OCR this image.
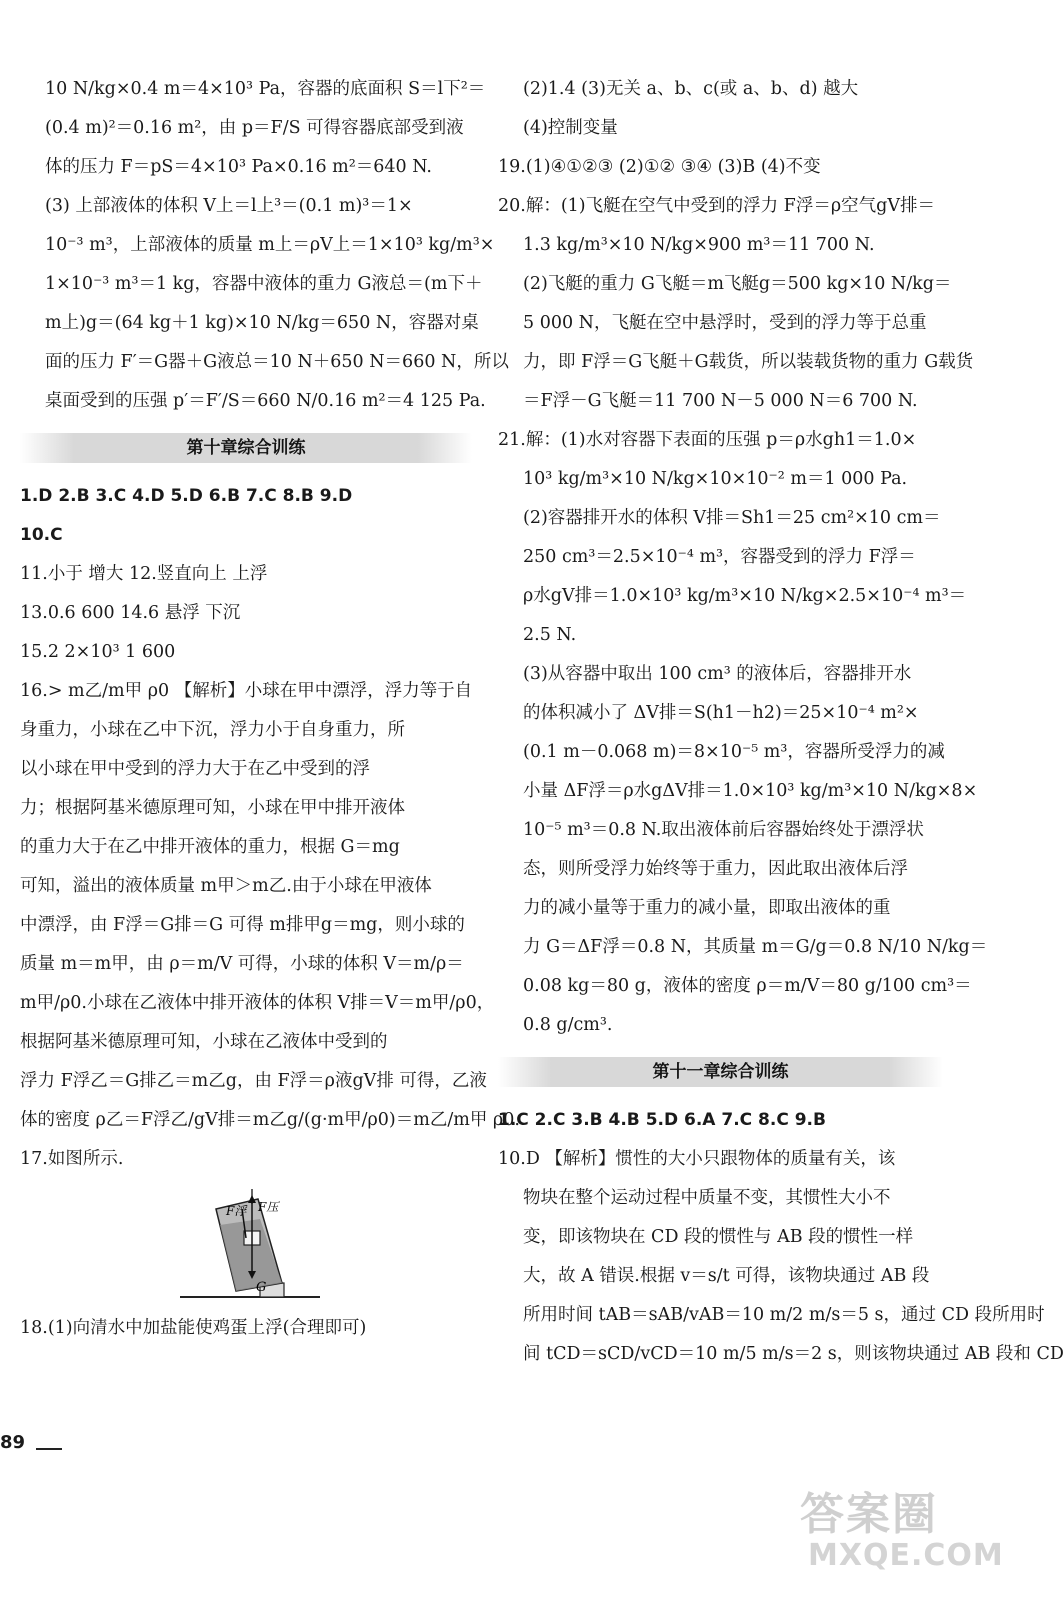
10 N/kg×0.4 m＝4×10³ Pa，容器的底面积 S＝l下²＝
(0.4 m)²＝0.16 m²，由 p＝F/S 可得容器底部受到液
体的压力 F＝pS＝4×10³ Pa×0.16 m²＝640 N.
(3) 上部液体的体积 V上＝l上³＝(0.1 m)³＝1×
10⁻³ m³，上部液体的质量 m上＝ρV上＝1×10³ kg/m³×
1×10⁻³ m³＝1 kg，容器中液体的重力 G液总＝(m下＋
m上)g＝(64 kg＋1 kg)×10 N/kg＝650 N，容器对桌
面的压力 F′＝G器＋G液总＝10 N＋650 N＝660 N，所以
桌面受到的压强 p′＝F′/S＝660 N/0.16 m²＝4 125 Pa.
第十章综合训练
1.D 2.B 3.C 4.D 5.D 6.B 7.C 8.B 9.D
10.C
11.小于 增大 12.竖直向上 上浮
13.0.6 600 14.6 悬浮 下沉
15.2 2×10³ 1 600
16.> m乙/m甲 ρ0 【解析】小球在甲中漂浮，浮力等于自
身重力，小球在乙中下沉，浮力小于自身重力，所
以小球在甲中受到的浮力大于在乙中受到的浮
力；根据阿基米德原理可知，小球在甲中排开液体
的重力大于在乙中排开液体的重力，根据 G＝mg
可知，溢出的液体质量 m甲＞m乙.由于小球在甲液体
中漂浮，由 F浮＝G排＝G 可得 m排甲g＝mg，则小球的
质量 m＝m甲，由 ρ＝m/V 可得，小球的体积 V＝m/ρ＝
m甲/ρ0.小球在乙液体中排开液体的体积 V排＝V＝m甲/ρ0，
根据阿基米德原理可知，小球在乙液体中受到的
浮力 F浮乙＝G排乙＝m乙g，由 F浮＝ρ液gV排 可得，乙液
体的密度 ρ乙＝F浮乙/gV排＝m乙g/(g·m甲/ρ0)＝m乙/m甲 ρ0.
17.如图所示.
F浮 F压
G
18.(1)向清水中加盐能使鸡蛋上浮(合理即可)
(2)1.4 (3)无关 a、b、c(或 a、b、d) 越大
(4)控制变量
19.(1)④①②③ (2)①② ③④ (3)B (4)不变
20.解：(1)飞艇在空气中受到的浮力 F浮＝ρ空气gV排＝
1.3 kg/m³×10 N/kg×900 m³＝11 700 N.
(2)飞艇的重力 G飞艇＝m飞艇g＝500 kg×10 N/kg＝
5 000 N，飞艇在空中悬浮时，受到的浮力等于总重
力，即 F浮＝G飞艇＋G载货，所以装载货物的重力 G载货
＝F浮－G飞艇＝11 700 N－5 000 N＝6 700 N.
21.解：(1)水对容器下表面的压强 p＝ρ水gh1＝1.0×
10³ kg/m³×10 N/kg×10×10⁻² m＝1 000 Pa.
(2)容器排开水的体积 V排＝Sh1＝25 cm²×10 cm＝
250 cm³＝2.5×10⁻⁴ m³，容器受到的浮力 F浮＝
ρ水gV排＝1.0×10³ kg/m³×10 N/kg×2.5×10⁻⁴ m³＝
2.5 N.
(3)从容器中取出 100 cm³ 的液体后，容器排开水
的体积减小了 ΔV排＝S(h1－h2)＝25×10⁻⁴ m²×
(0.1 m－0.068 m)＝8×10⁻⁵ m³，容器所受浮力的减
小量 ΔF浮＝ρ水gΔV排＝1.0×10³ kg/m³×10 N/kg×8×
10⁻⁵ m³＝0.8 N.取出液体前后容器始终处于漂浮状
态，则所受浮力始终等于重力，因此取出液体后浮
力的减小量等于重力的减小量，即取出液体的重
力 G＝ΔF浮＝0.8 N，其质量 m＝G/g＝0.8 N/10 N/kg＝
0.08 kg＝80 g，液体的密度 ρ＝m/V＝80 g/100 cm³＝
0.8 g/cm³.
第十一章综合训练
1.C 2.C 3.B 4.B 5.D 6.A 7.C 8.C 9.B
10.D 【解析】惯性的大小只跟物体的质量有关，该
物块在整个运动过程中质量不变，其惯性大小不
变，即该物块在 CD 段的惯性与 AB 段的惯性一样
大，故 A 错误.根据 v＝s/t 可得，该物块通过 AB 段
所用时间 tAB＝sAB/vAB＝10 m/2 m/s＝5 s，通过 CD 段所用时
间 tCD＝sCD/vCD＝10 m/5 m/s＝2 s，则该物块通过 AB 段和 CD
89
答案圈
MXQE.COM
